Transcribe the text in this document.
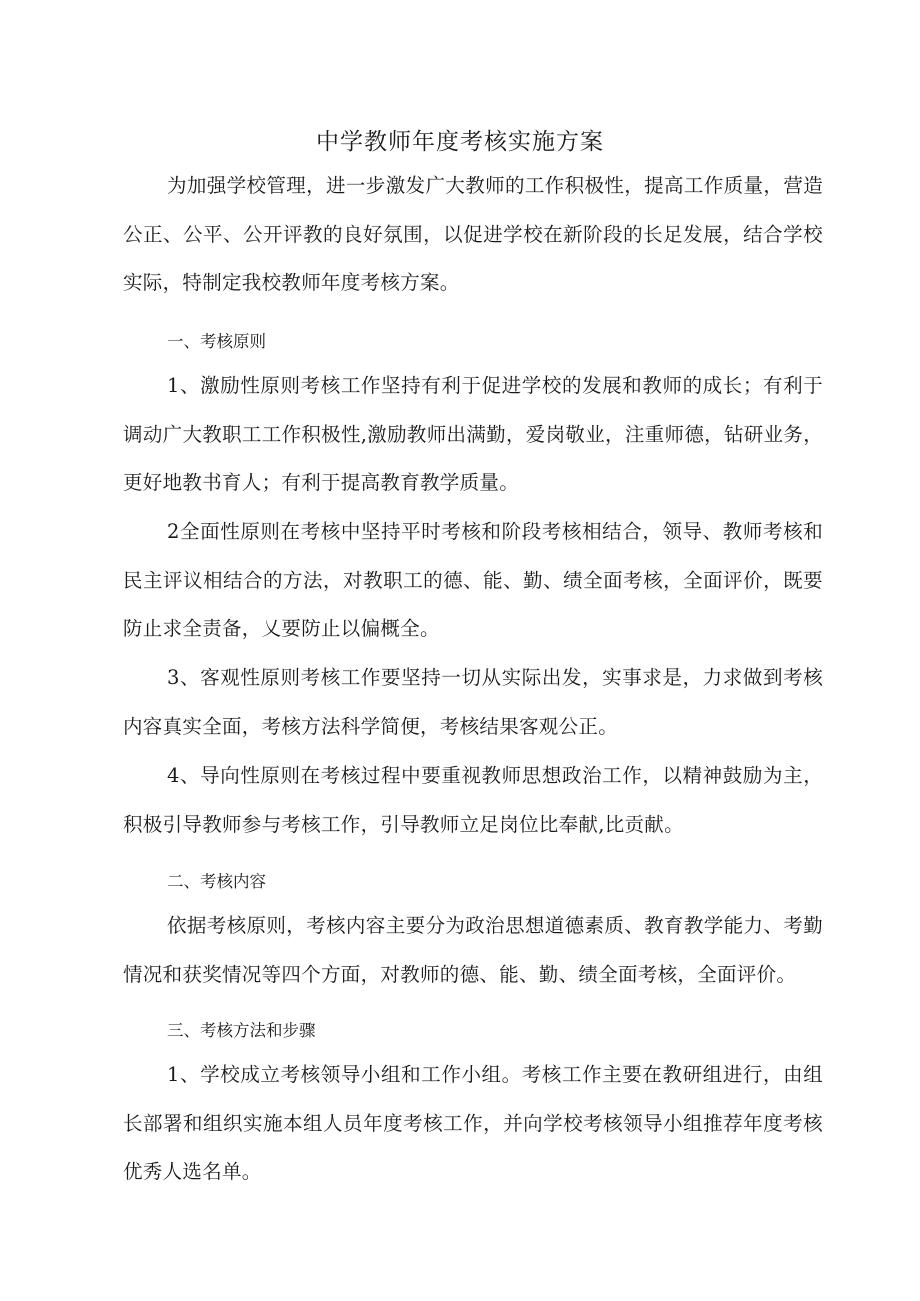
中学教师年度考核实施方案

为加强学校管理，进一步激发广大教师的工作积极性，提高工作质量，营造公正、公平、公开评教的良好氛围，以促进学校在新阶段的长足发展，结合学校实际，特制定我校教师年度考核方案。

一、考核原则

1、激励性原则考核工作坚持有利于促进学校的发展和教师的成长；有利于调动广大教职工工作积极性,激励教师出满勤，爱岗敬业，注重师德，钻研业务，更好地教书育人；有利于提高教育教学质量。

2全面性原则在考核中坚持平时考核和阶段考核相结合，领导、教师考核和民主评议相结合的方法，对教职工的德、能、勤、绩全面考核，全面评价，既要防止求全责备，乂要防止以偏概全。

3、客观性原则考核工作要坚持一切从实际出发，实事求是，力求做到考核内容真实全面，考核方法科学简便，考核结果客观公正。

4、导向性原则在考核过程中要重视教师思想政治工作，以精神鼓励为主，积极引导教师参与考核工作，引导教师立足岗位比奉献,比贡献。

二、考核内容

依据考核原则，考核内容主要分为政治思想道德素质、教育教学能力、考勤情况和获奖情况等四个方面，对教师的德、能、勤、绩全面考核，全面评价。

三、考核方法和步骤

1、学校成立考核领导小组和工作小组。考核工作主要在教研组进行，由组长部署和组织实施本组人员年度考核工作，并向学校考核领导小组推荐年度考核优秀人选名单。
